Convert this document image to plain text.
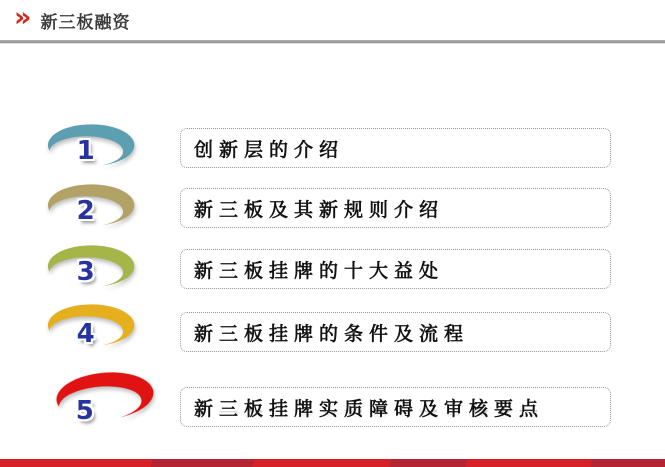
» 新三板融资
1	创新层的介绍
2	新三板及其新规则介绍
3	新三板挂牌的十大益处
4	新三板挂牌的条件及流程
5	新三板挂牌实质障碍及审核要点
